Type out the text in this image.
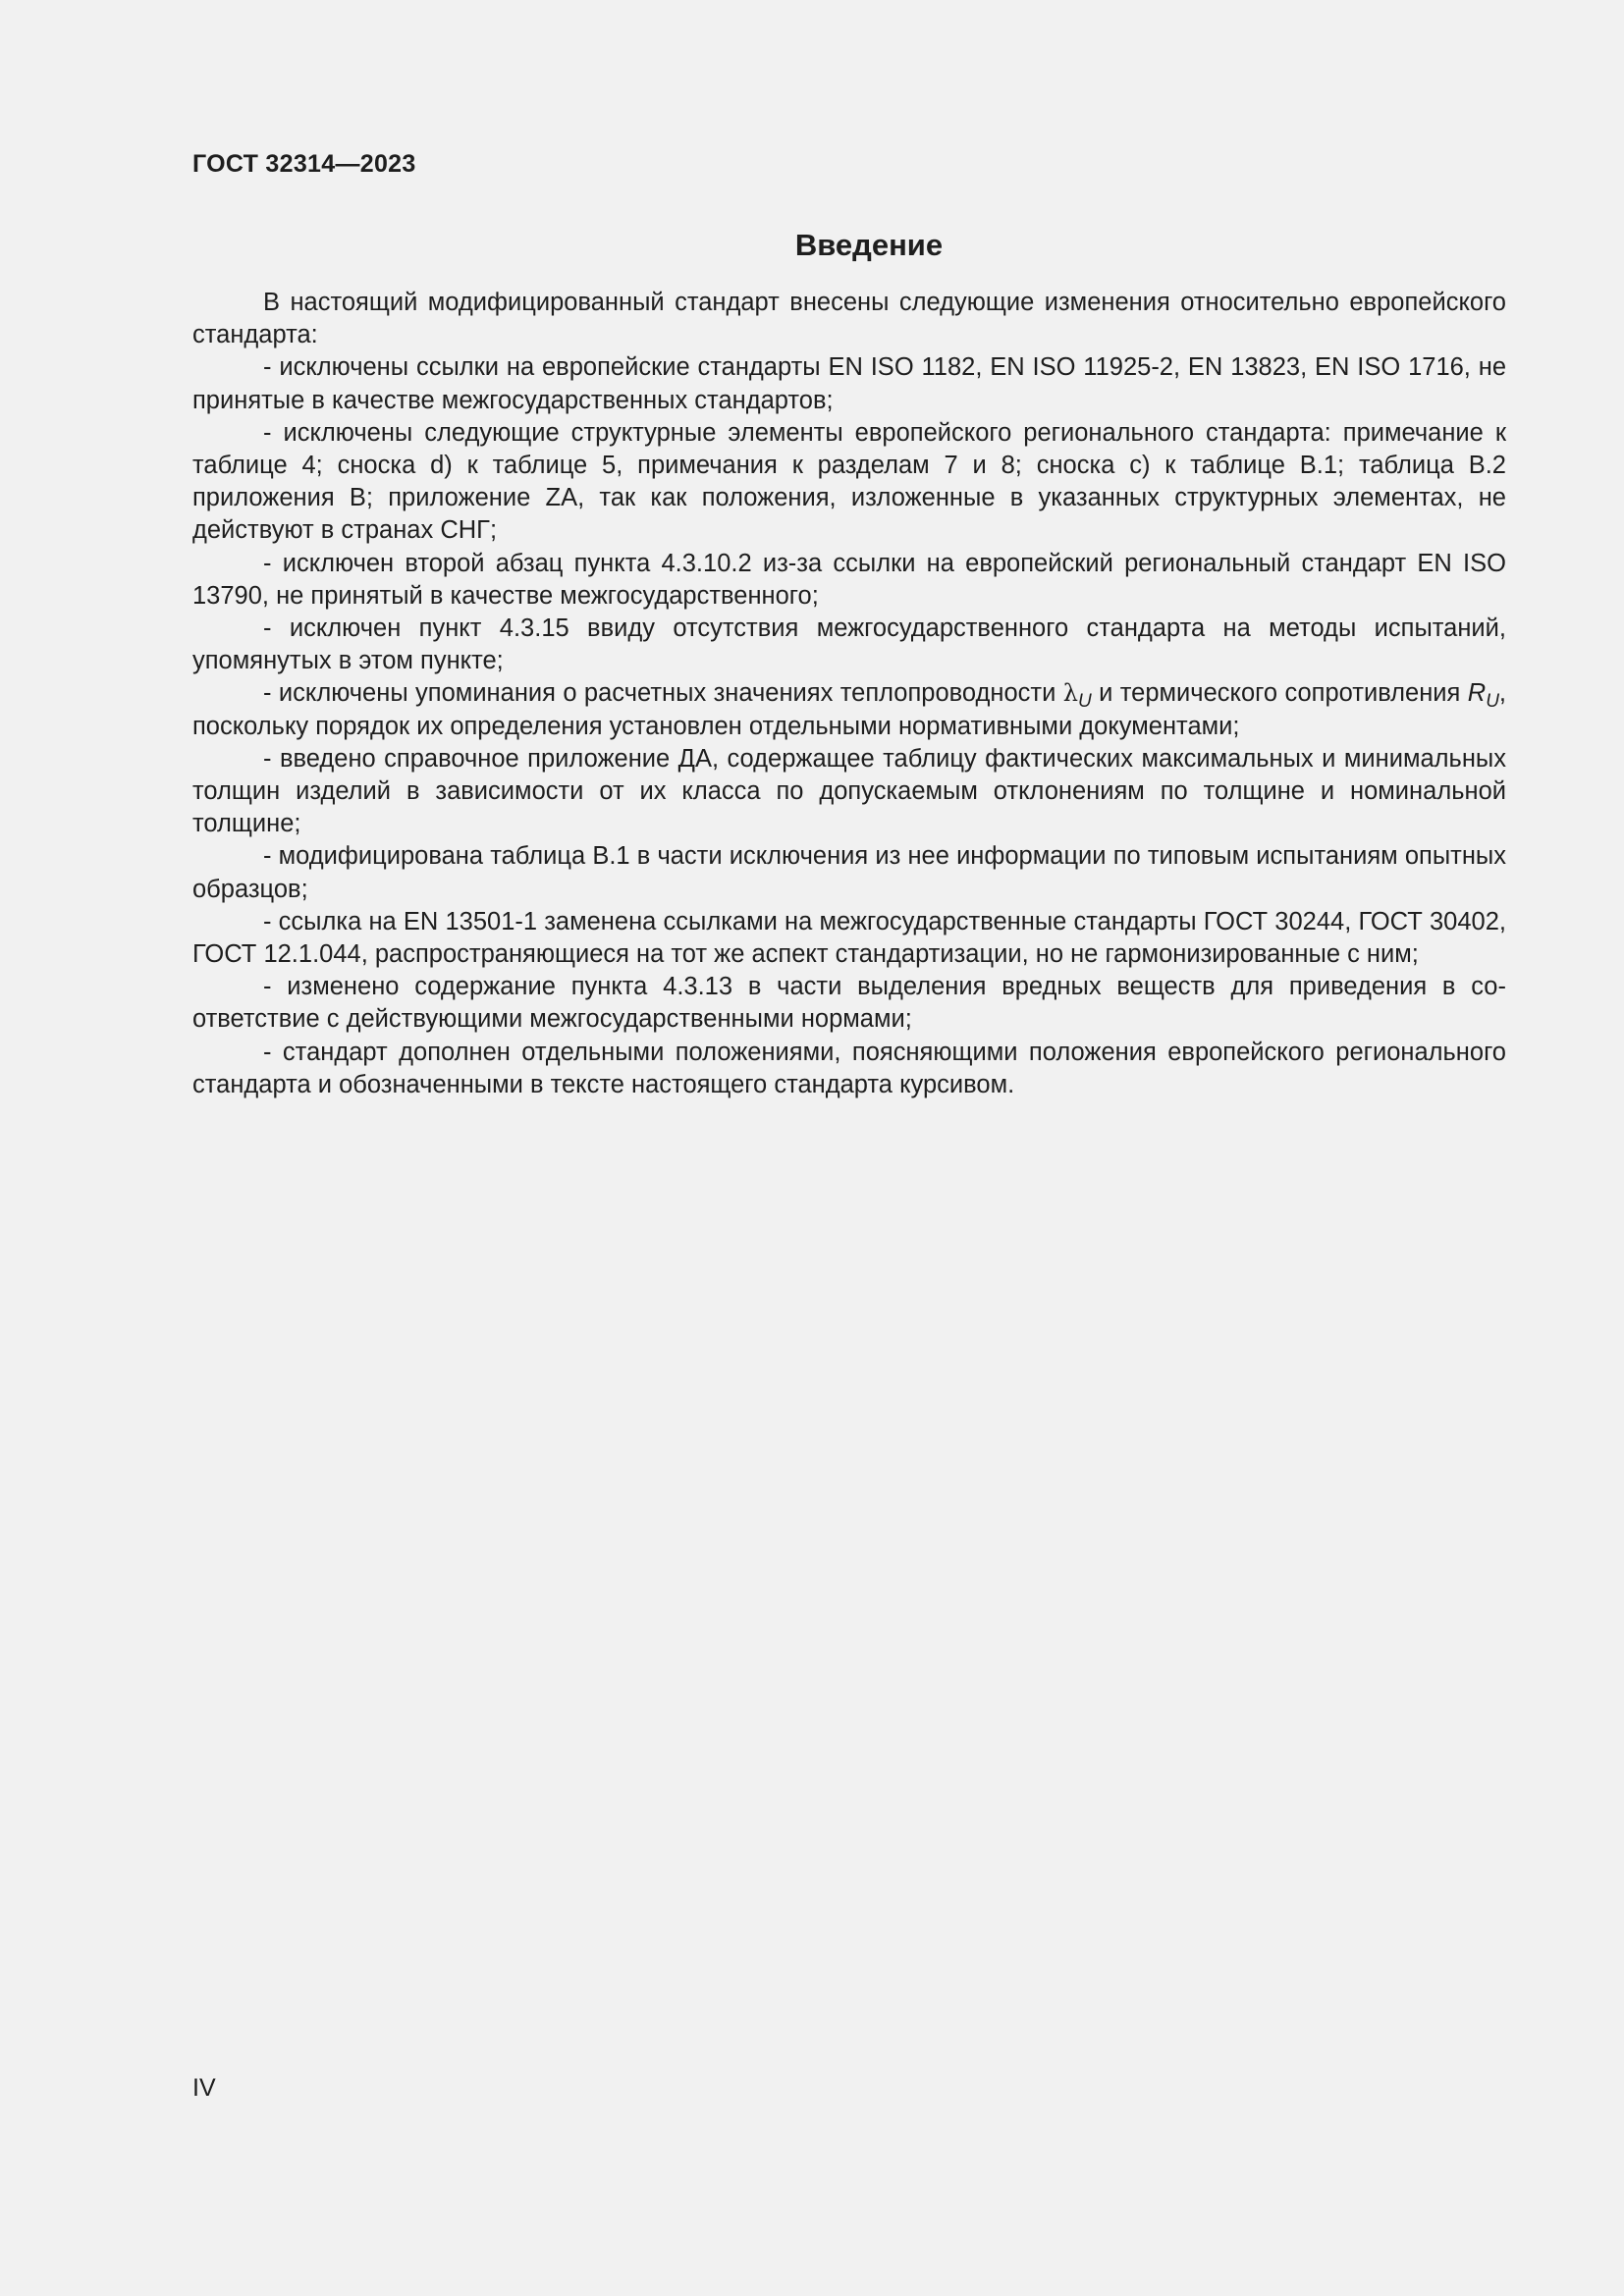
ГОСТ 32314—2023
Введение

В настоящий модифицированный стандарт внесены следующие изменения относительно европейского стандарта:

- исключены ссылки на европейские стандарты EN ISO 1182, EN ISO 11925-2, EN 13823, EN ISO 1716, не принятые в качестве межгосударственных стандартов;

- исключены следующие структурные элементы европейского регионального стандарта: примечание к таблице 4; сноска d) к таблице 5, примечания к разделам 7 и 8; сноска с) к таблице В.1; таблица В.2 приложения В; приложение ZA, так как положения, изложенные в указанных структурных элементах, не действуют в странах СНГ;

- исключен второй абзац пункта 4.3.10.2 из-за ссылки на европейский региональный стандарт EN ISO 13790, не принятый в качестве межгосударственного;

- исключен пункт 4.3.15 ввиду отсутствия межгосударственного стандарта на методы испытаний, упомянутых в этом пункте;

- исключены упоминания о расчетных значениях теплопроводности $\lambda_U$ и термического сопротивления $R_U$, поскольку порядок их определения установлен отдельными нормативными документами;

- введено справочное приложение ДА, содержащее таблицу фактических максимальных и минимальных толщин изделий в зависимости от их класса по допускаемым отклонениям по толщине и номинальной толщине;

- модифицирована таблица В.1 в части исключения из нее информации по типовым испытаниям опытных образцов;

- ссылка на EN 13501-1 заменена ссылками на межгосударственные стандарты ГОСТ 30244, ГОСТ 30402, ГОСТ 12.1.044, распространяющиеся на тот же аспект стандартизации, но не гармонизированные с ним;

- изменено содержание пункта 4.3.13 в части выделения вредных веществ для приведения в соответствие с действующими межгосударственными нормами;

- стандарт дополнен отдельными положениями, поясняющими положения европейского регионального стандарта и обозначенными в тексте настоящего стандарта курсивом.

IV
